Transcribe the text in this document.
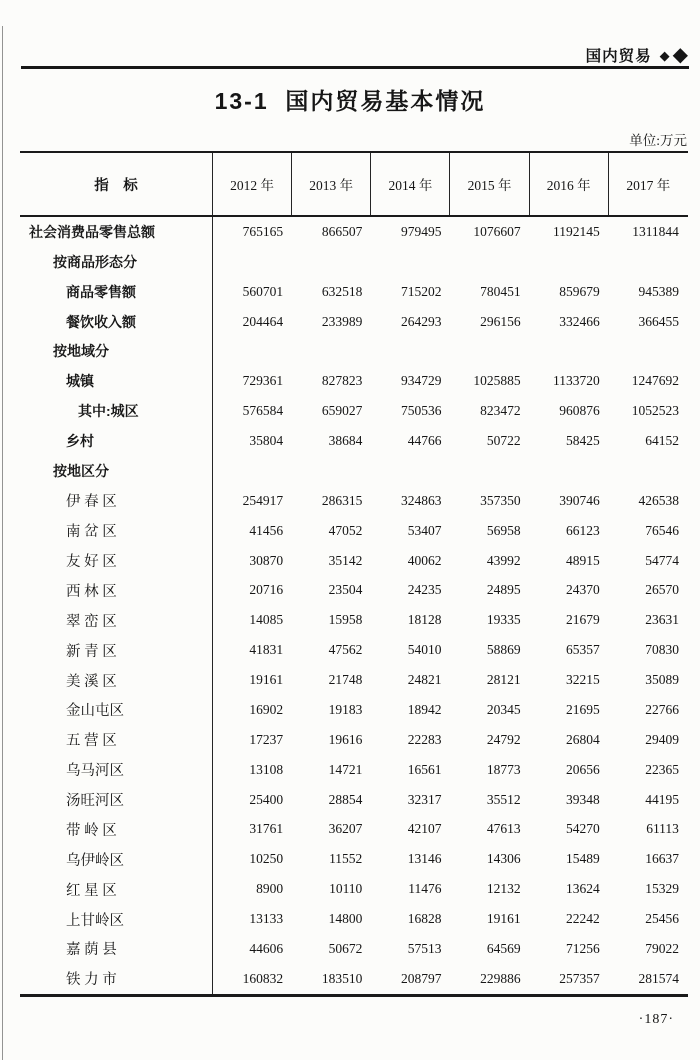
国内贸易 ◆ ◆
13-1  国内贸易基本情况
单位:万元
指    标	2012 年	2013 年	2014 年	2015 年	2016 年	2017 年
社会消费品零售总额	765165	866507	979495	1076607	1192145	1311844
按商品形态分
商品零售额	560701	632518	715202	780451	859679	945389
餐饮收入额	204464	233989	264293	296156	332466	366455
按地域分
城镇	729361	827823	934729	1025885	1133720	1247692
其中:城区	576584	659027	750536	823472	960876	1052523
乡村	35804	38684	44766	50722	58425	64152
按地区分
伊 春 区	254917	286315	324863	357350	390746	426538
南 岔 区	41456	47052	53407	56958	66123	76546
友 好 区	30870	35142	40062	43992	48915	54774
西 林 区	20716	23504	24235	24895	24370	26570
翠 峦 区	14085	15958	18128	19335	21679	23631
新 青 区	41831	47562	54010	58869	65357	70830
美 溪 区	19161	21748	24821	28121	32215	35089
金山屯区	16902	19183	18942	20345	21695	22766
五 营 区	17237	19616	22283	24792	26804	29409
乌马河区	13108	14721	16561	18773	20656	22365
汤旺河区	25400	28854	32317	35512	39348	44195
带 岭 区	31761	36207	42107	47613	54270	61113
乌伊岭区	10250	11552	13146	14306	15489	16637
红 星 区	8900	10110	11476	12132	13624	15329
上甘岭区	13133	14800	16828	19161	22242	25456
嘉 荫 县	44606	50672	57513	64569	71256	79022
铁 力 市	160832	183510	208797	229886	257357	281574
·187·
